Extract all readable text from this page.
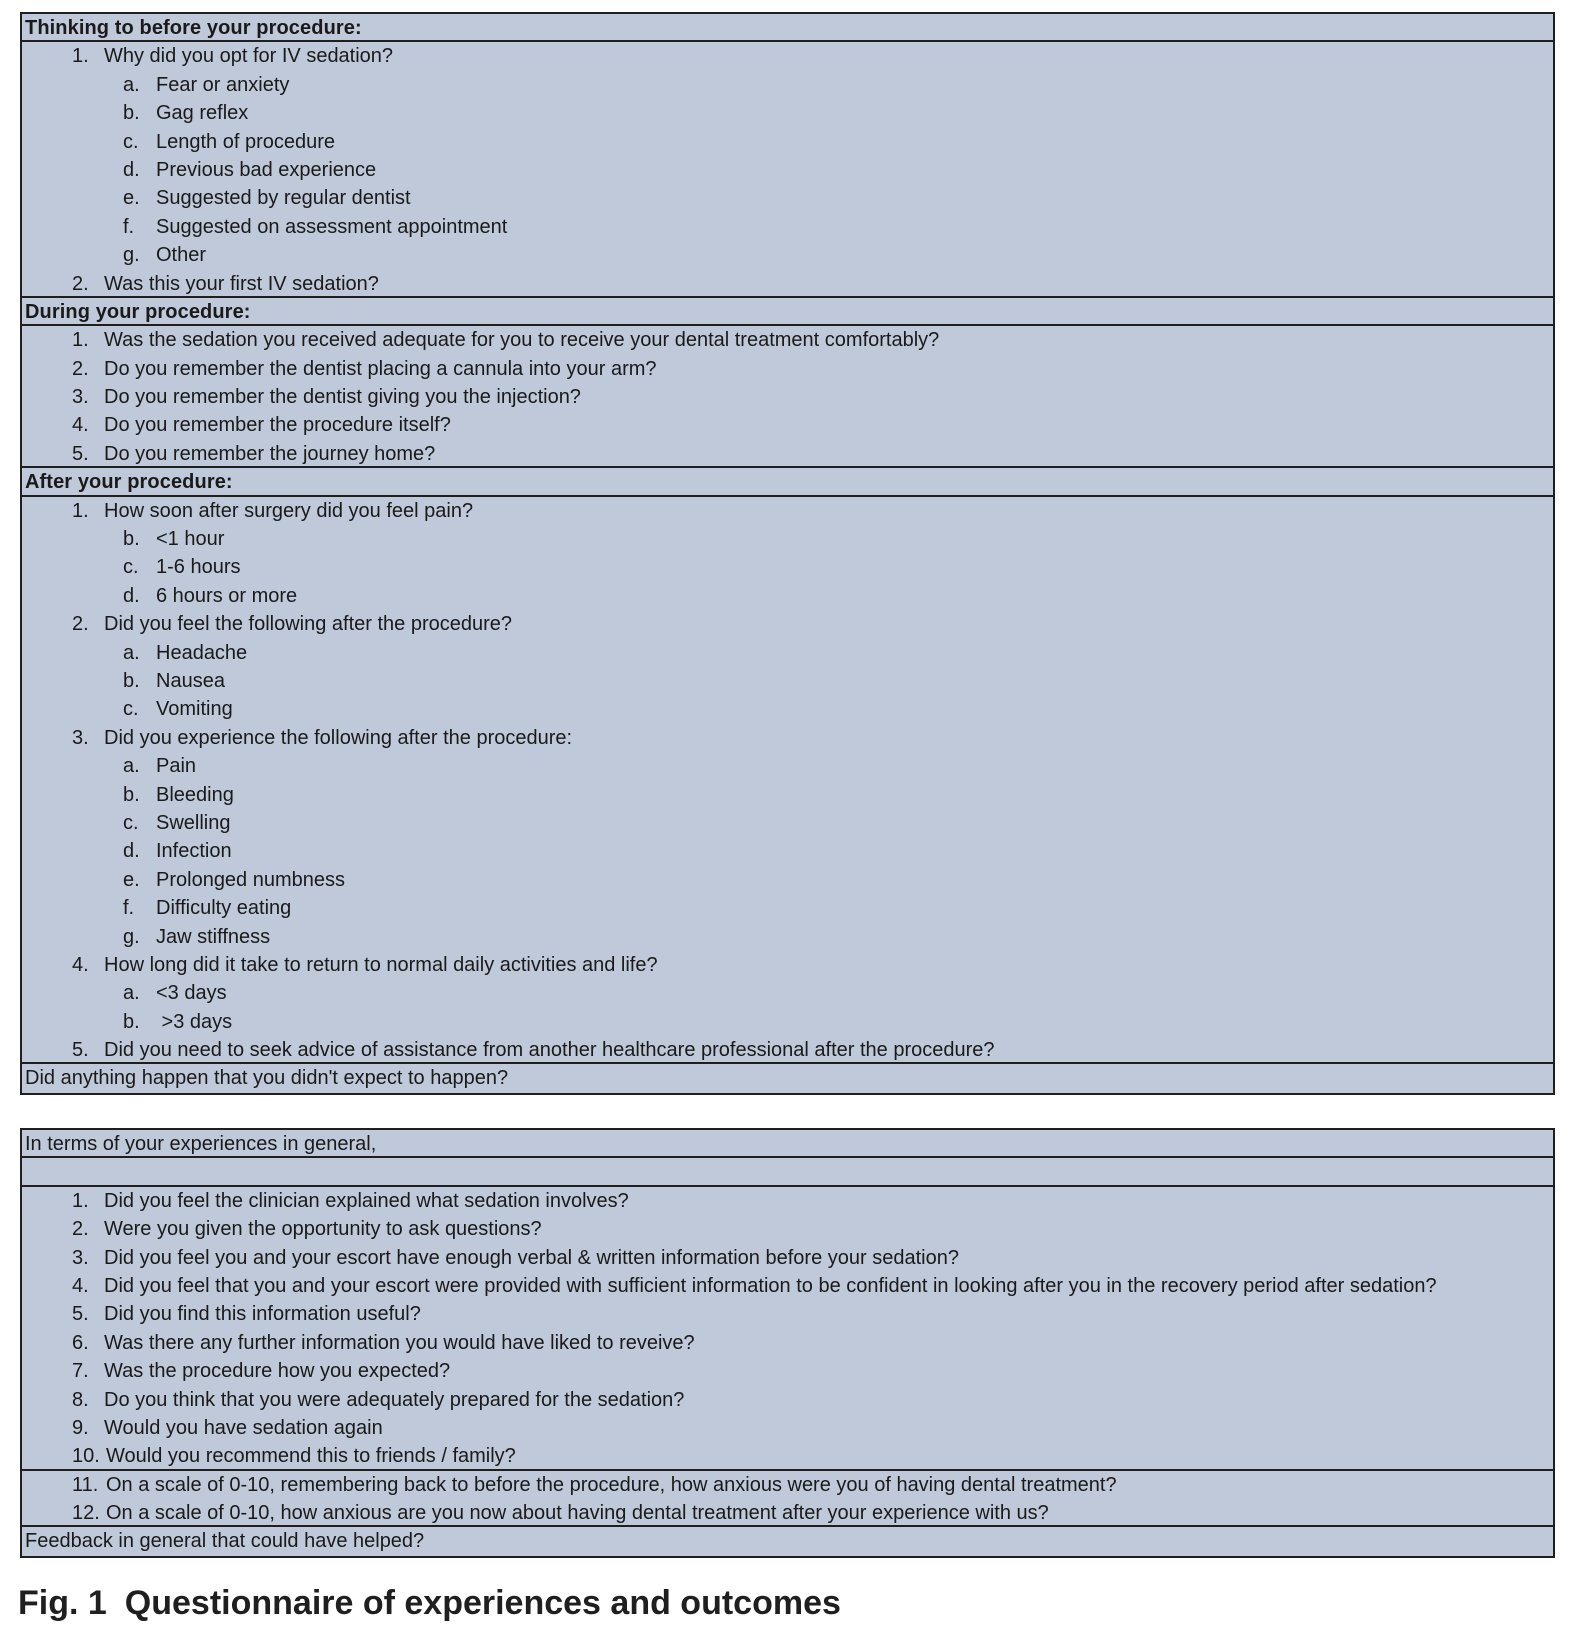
Thinking to before your procedure:
1. Why did you opt for IV sedation?
a. Fear or anxiety
b. Gag reflex
c. Length of procedure
d. Previous bad experience
e. Suggested by regular dentist
f. Suggested on assessment appointment
g. Other
2. Was this your first IV sedation?
During your procedure:
1. Was the sedation you received adequate for you to receive your dental treatment comfortably?
2. Do you remember the dentist placing a cannula into your arm?
3. Do you remember the dentist giving you the injection?
4. Do you remember the procedure itself?
5. Do you remember the journey home?
After your procedure:
1. How soon after surgery did you feel pain?
b. <1 hour
c. 1-6 hours
d. 6 hours or more
2. Did you feel the following after the procedure?
a. Headache
b. Nausea
c. Vomiting
3. Did you experience the following after the procedure:
a. Pain
b. Bleeding
c. Swelling
d. Infection
e. Prolonged numbness
f. Difficulty eating
g. Jaw stiffness
4. How long did it take to return to normal daily activities and life?
a. <3 days
b. >3 days
5. Did you need to seek advice of assistance from another healthcare professional after the procedure?
Did anything happen that you didn't expect to happen?
In terms of your experiences in general,
1. Did you feel the clinician explained what sedation involves?
2. Were you given the opportunity to ask questions?
3. Did you feel you and your escort have enough verbal & written information before your sedation?
4. Did you feel that you and your escort were provided with sufficient information to be confident in looking after you in the recovery period after sedation?
5. Did you find this information useful?
6. Was there any further information you would have liked to reveive?
7. Was the procedure how you expected?
8. Do you think that you were adequately prepared for the sedation?
9. Would you have sedation again
10. Would you recommend this to friends / family?
11. On a scale of 0-10, remembering back to before the procedure, how anxious were you of having dental treatment?
12. On a scale of 0-10, how anxious are you now about having dental treatment after your experience with us?
Feedback in general that could have helped?
Fig. 1 Questionnaire of experiences and outcomes
